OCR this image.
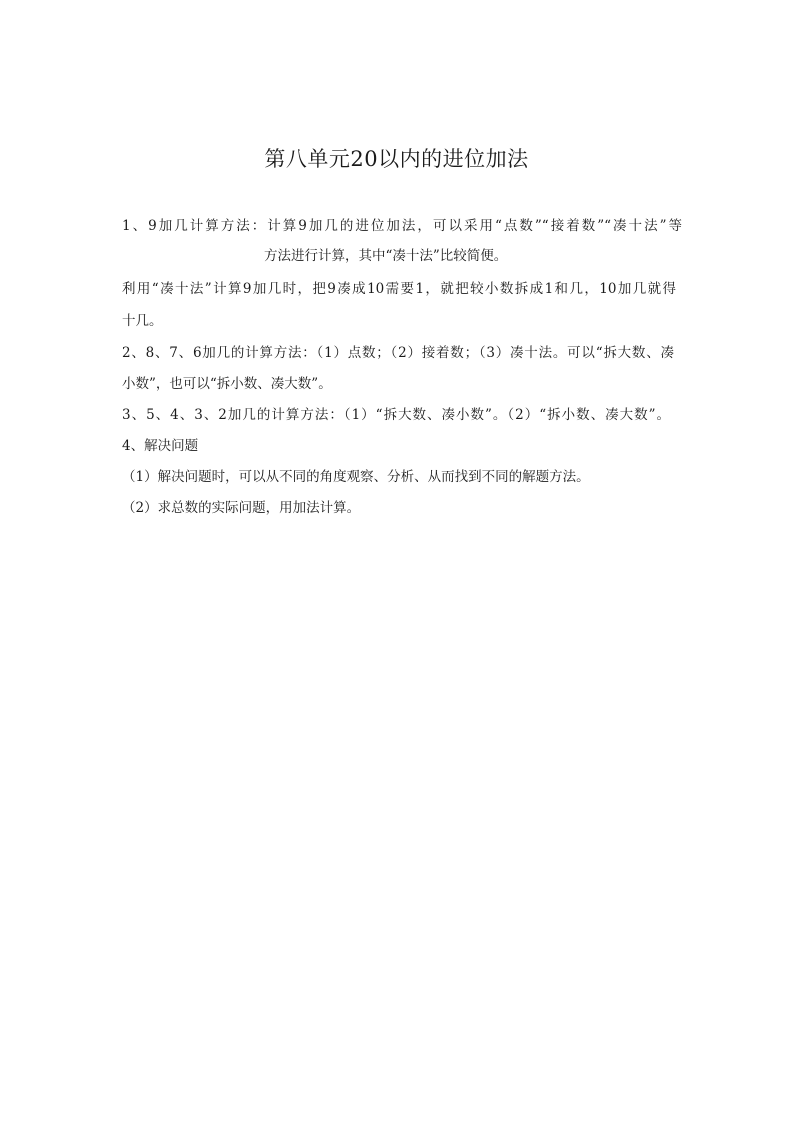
第八单元20以内的进位加法
1、9加几计算方法：计算9加几的进位加法，可以采用“点数”“接着数”“凑十法”等
方法进行计算，其中“凑十法”比较简便。
利用“凑十法”计算9加几时，把9凑成10需要1，就把较小数拆成1和几，10加几就得
十几。
2、8、7、6加几的计算方法：（1）点数；（2）接着数；（3）凑十法。可以“拆大数、凑
小数”，也可以“拆小数、凑大数”。
3、5、4、3、2加几的计算方法：（1）“拆大数、凑小数”。（2）“拆小数、凑大数”。
4、解决问题
（1）解决问题时，可以从不同的角度观察、分析、从而找到不同的解题方法。
（2）求总数的实际问题，用加法计算。
